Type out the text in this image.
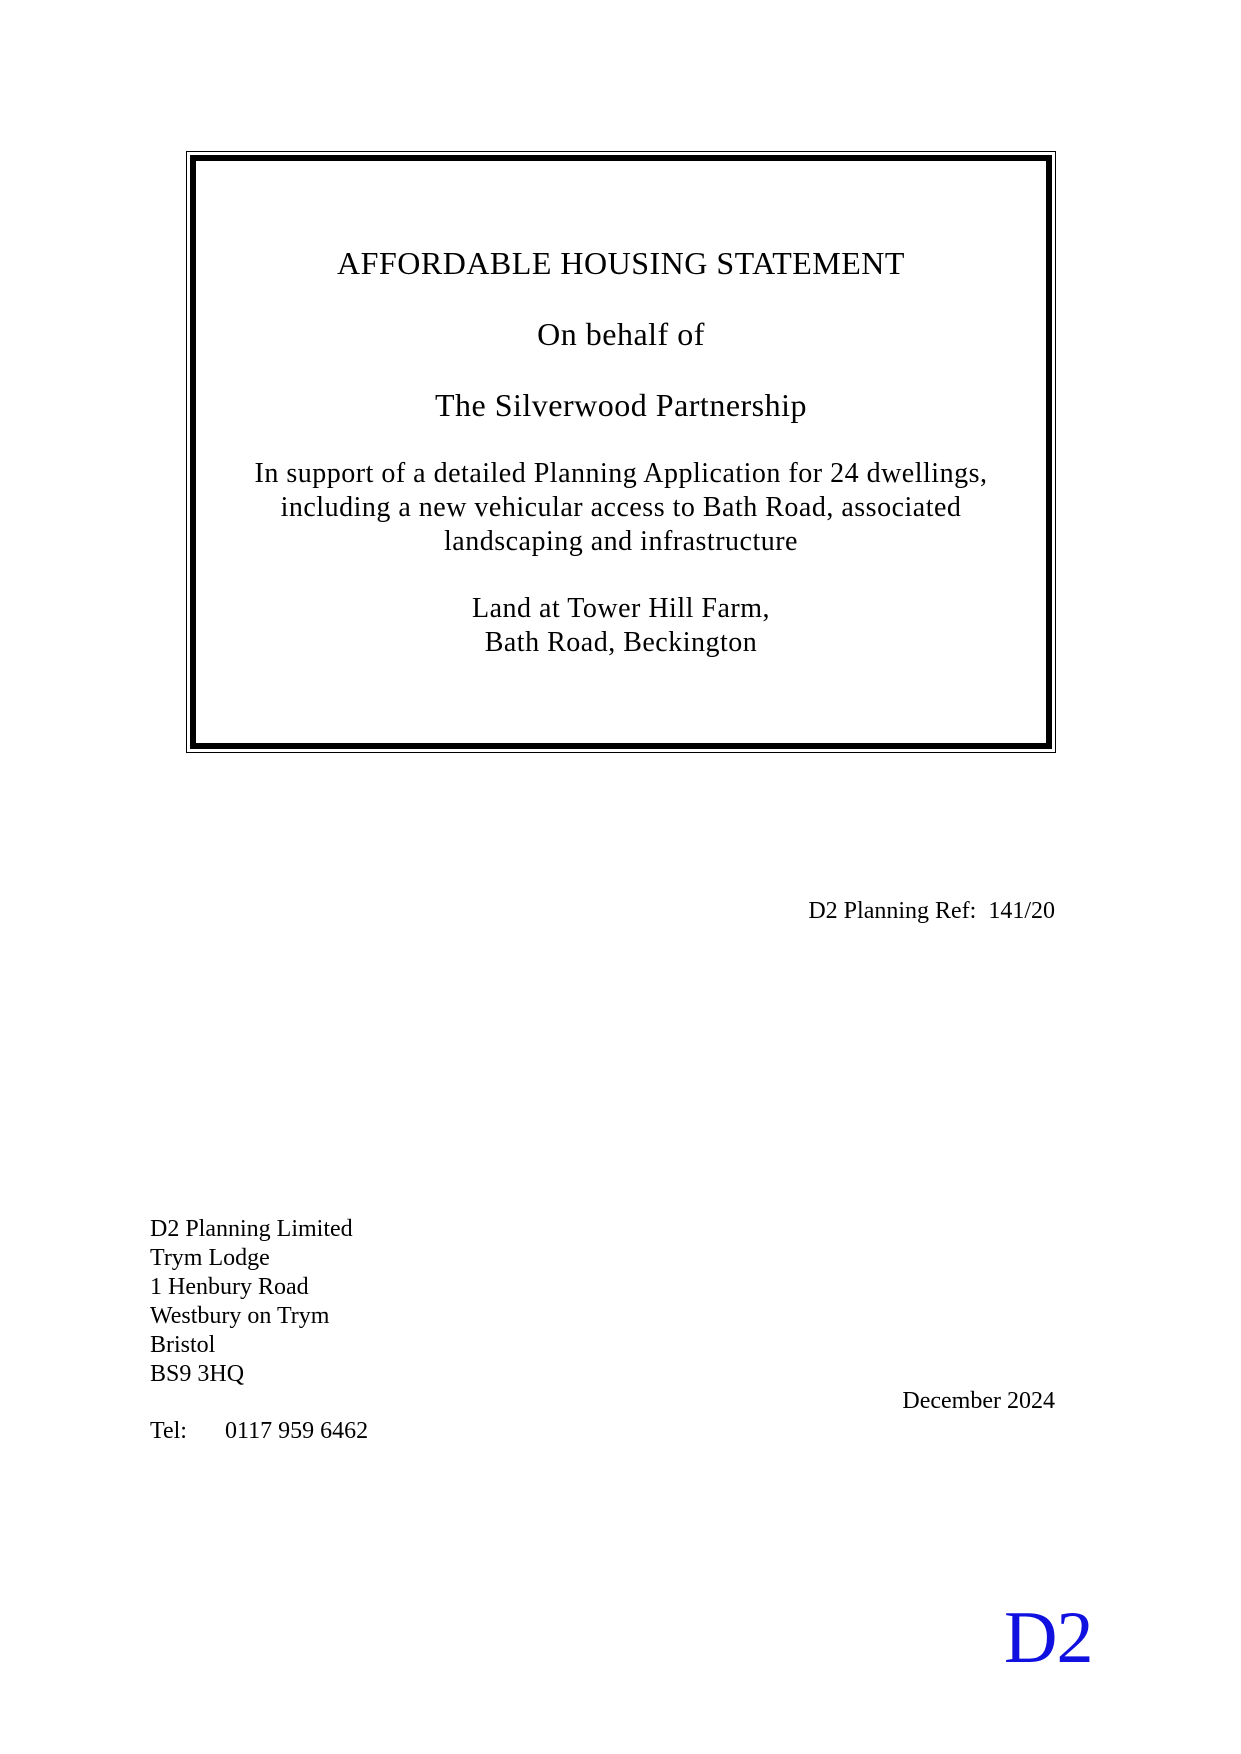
AFFORDABLE HOUSING STATEMENT
On behalf of
The Silverwood Partnership
In support of a detailed Planning Application for 24 dwellings,
including a new vehicular access to Bath Road, associated
landscaping and infrastructure
Land at Tower Hill Farm,
Bath Road, Beckington
D2 Planning Ref:  141/20
D2 Planning Limited
Trym Lodge
1 Henbury Road
Westbury on Trym
Bristol
BS9 3HQ
Tel:	0117 959 6462
December 2024
D2
